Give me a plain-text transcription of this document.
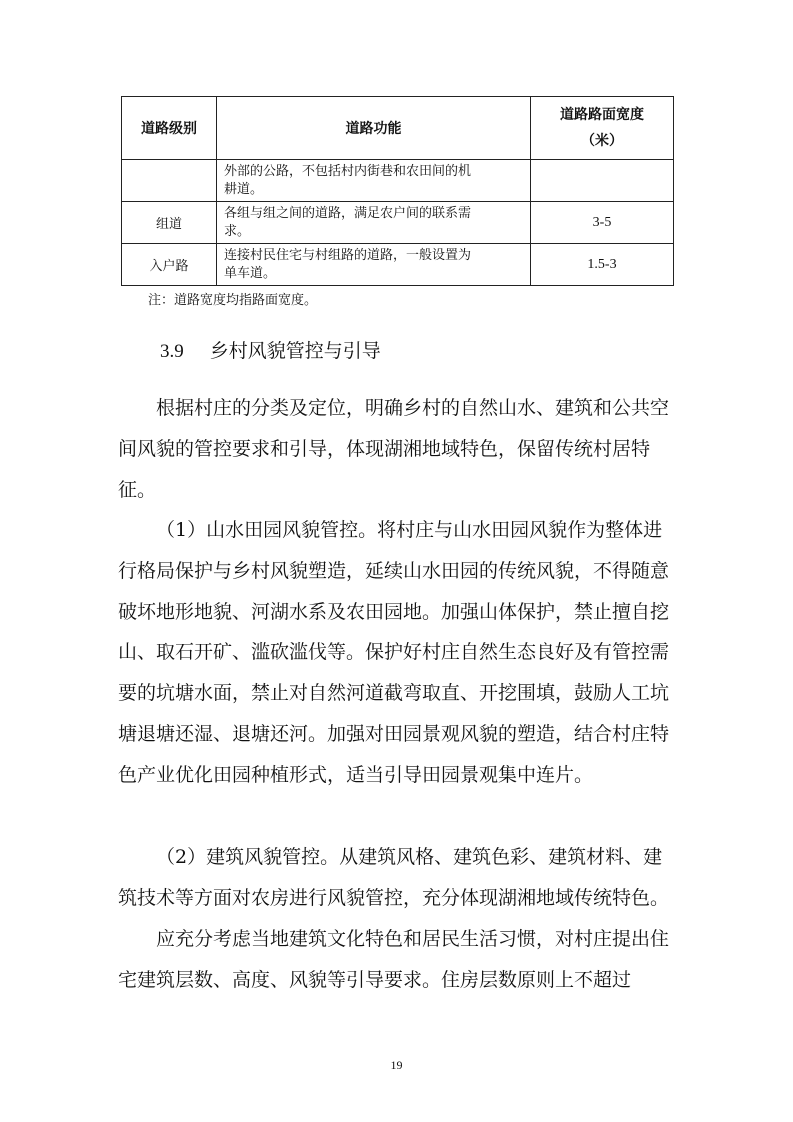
道路级别	道路功能	道路路面宽度
（米）

	外部的公路，不包括村内街巷和农田间的机
耕道。	
组道	各组与组之间的道路，满足农户间的联系需
求。	3-5
入户路	连接村民住宅与村组路的道路，一般设置为
单车道。	1.5-3
注：道路宽度均指路面宽度。
3.9 乡村风貌管控与引导

根据村庄的分类及定位，明确乡村的自然山水、建筑和公共空间风貌的管控要求和引导，体现湖湘地域特色，保留传统村居特征。

（1）山水田园风貌管控。将村庄与山水田园风貌作为整体进行格局保护与乡村风貌塑造，延续山水田园的传统风貌，不得随意破坏地形地貌、河湖水系及农田园地。加强山体保护，禁止擅自挖山、取石开矿、滥砍滥伐等。保护好村庄自然生态良好及有管控需要的坑塘水面，禁止对自然河道截弯取直、开挖围填，鼓励人工坑塘退塘还湿、退塘还河。加强对田园景观风貌的塑造，结合村庄特色产业优化田园种植形式，适当引导田园景观集中连片。

（2）建筑风貌管控。从建筑风格、建筑色彩、建筑材料、建筑技术等方面对农房进行风貌管控，充分体现湖湘地域传统特色。

应充分考虑当地建筑文化特色和居民生活习惯，对村庄提出住宅建筑层数、高度、风貌等引导要求。住房层数原则上不超过

19
